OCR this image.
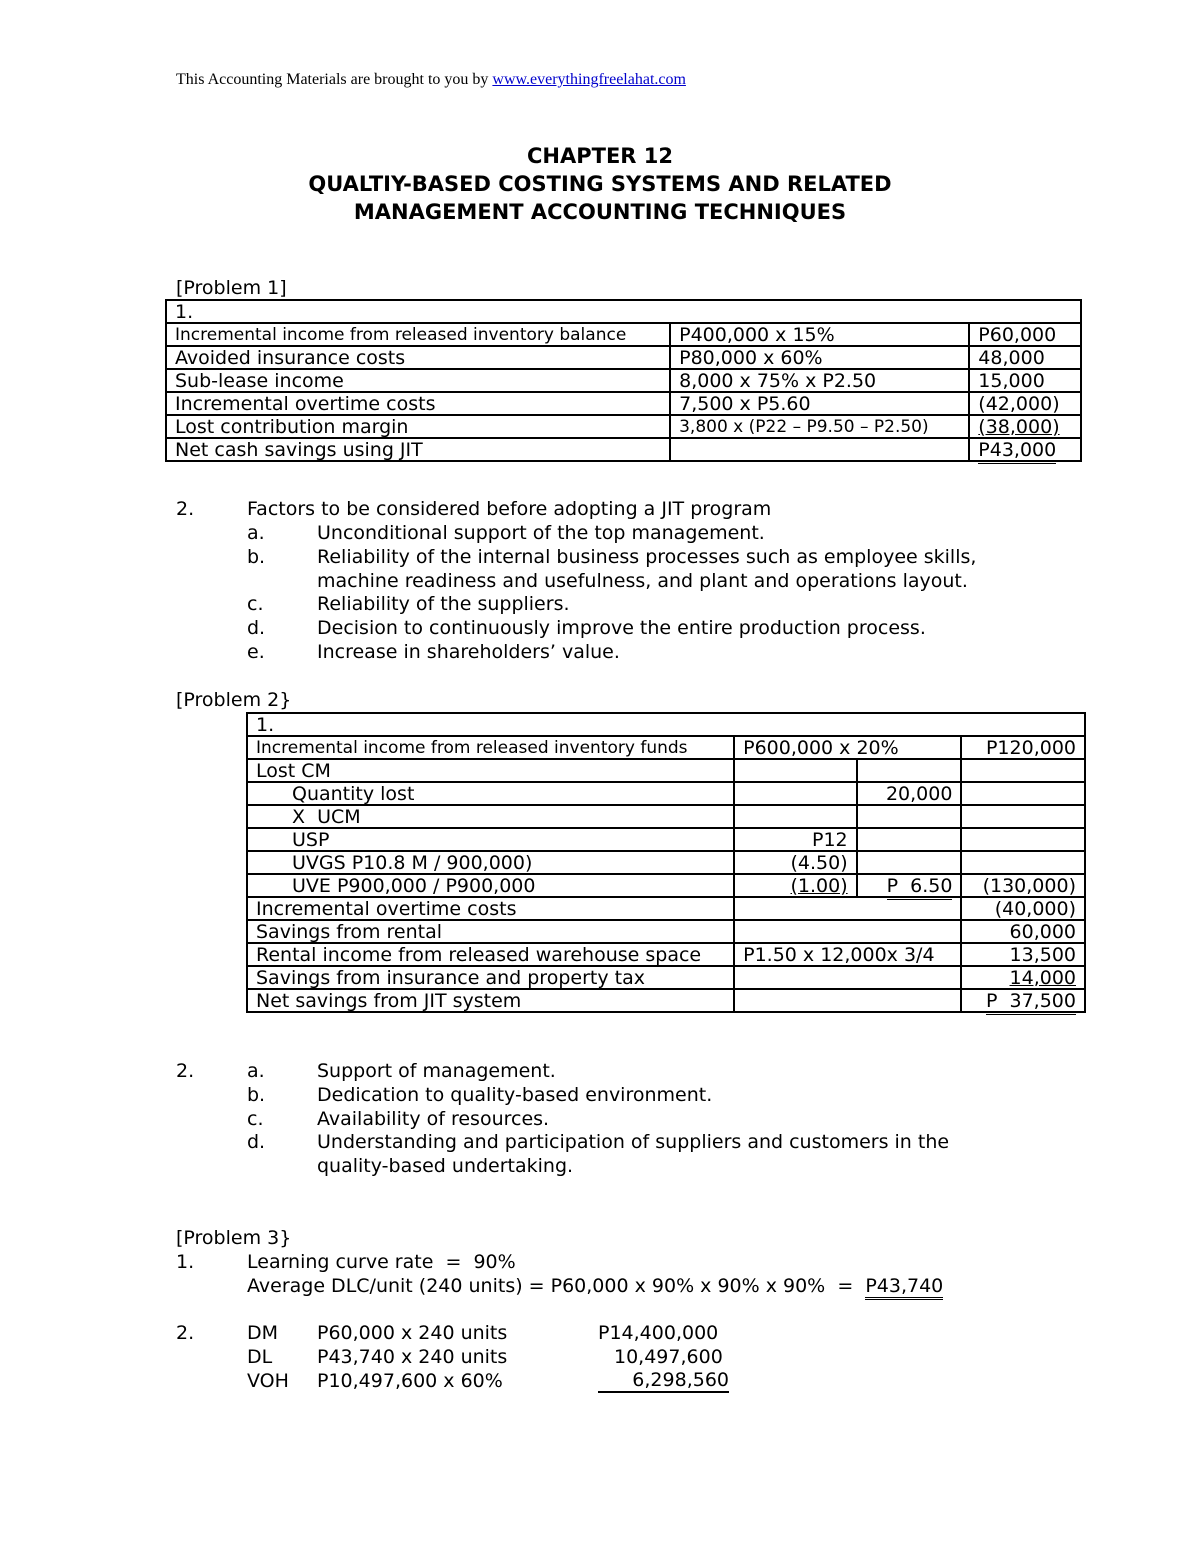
This Accounting Materials are brought to you by www.everythingfreelahat.com
CHAPTER 12
QUALTIY-BASED COSTING SYSTEMS AND RELATED
MANAGEMENT ACCOUNTING TECHNIQUES
[Problem 1]
1.		
Incremental income from released inventory balance	P400,000 x 15%	P60,000
Avoided insurance costs	P80,000 x 60%	48,000
Sub-lease income	8,000 x 75% x P2.50	15,000
Incremental overtime costs	7,500 x P5.60	(42,000)
Lost contribution margin	3,800 x (P22 – P9.50 – P2.50)	(38,000)
Net cash savings using JIT		P43,000
2.	Factors to be considered before adopting a JIT program
a.	Unconditional support of the top management.
b.	Reliability of the internal business processes such as employee skills,
machine readiness and usefulness, and plant and operations layout.
c.	Reliability of the suppliers.
d.	Decision to continuously improve the entire production process.
e.	Increase in shareholders’ value.
[Problem 2}
1.			
Incremental income from released inventory funds	P600,000 x 20%		P120,000
Lost CM			
Quantity lost		20,000	
X  UCM			
USP	P12		
UVGS P10.8 M / 900,000)	(4.50)		
UVE P900,000 / P900,000	(1.00)	P  6.50	(130,000)
Incremental overtime costs			(40,000)
Savings from rental			60,000
Rental income from released warehouse space	P1.50 x 12,000x 3/4		13,500
Savings from insurance and property tax			14,000
Net savings from JIT system			P  37,500
2.	a.	Support of management.
b.	Dedication to quality-based environment.
c.	Availability of resources.
d.	Understanding and participation of suppliers and customers in the
quality-based undertaking.
[Problem 3}
1.	Learning curve rate  =  90%
Average DLC/unit (240 units) = P60,000 x 90% x 90% x 90%  =  P43,740
2.	DM P60,000 x 240 units	P14,400,000
DL P43,740 x 240 units	10,497,600
VOH P10,497,600 x 60%	6,298,560
